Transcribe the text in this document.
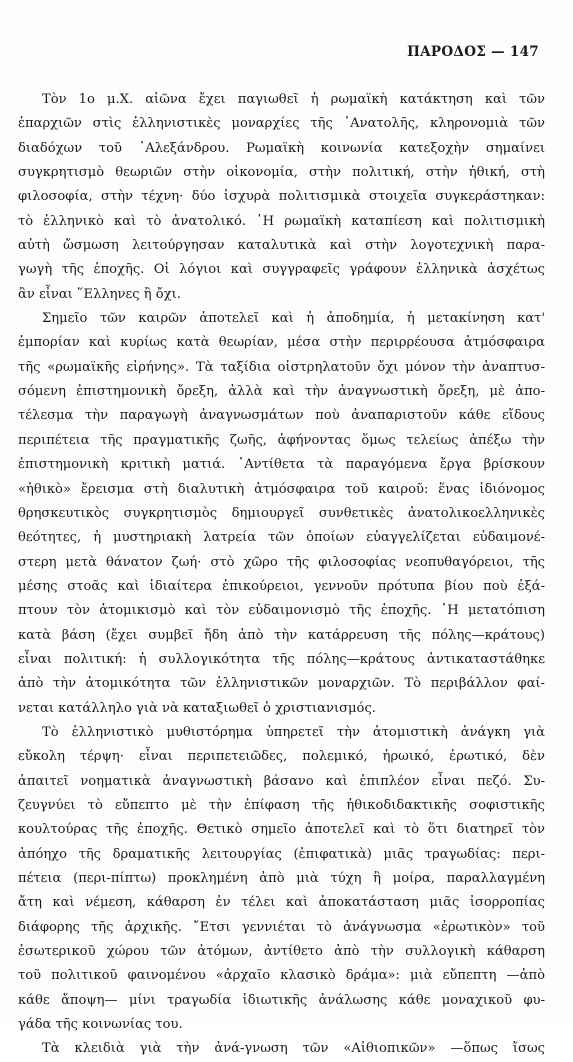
ΠΑΡΟΔΟΣ — 147
Τὸν 1ο μ.Χ. αἰῶνα ἔχει παγιωθεῖ ἡ ρωμαϊκὴ κατάκτηση καὶ τῶν
ἐπαρχιῶν στὶς ἑλληνιστικὲς μοναρχίες τῆς ᾿Ανατολῆς, κληρονομιὰ τῶν
διαδόχων τοῦ ᾿Αλεξάνδρου. Ρωμαϊκὴ κοινωνία κατεξοχὴν σημαίνει
συγκρητισμὸ θεωριῶν στὴν οἰκονομία, στὴν πολιτική, στὴν ἠθική, στὴ
φιλοσοφία, στὴν τέχνη· δύο ἰσχυρὰ πολιτισμικὰ στοιχεῖα συγκεράστηκαν:
τὸ ἑλληνικὸ καὶ τὸ ἀνατολικό. ῾Η ρωμαϊκὴ καταπίεση καὶ πολιτισμικὴ
αὐτὴ ὤσμωση λειτούργησαν καταλυτικὰ καὶ στὴν λογοτεχνικὴ παρα-
γωγὴ τῆς ἐποχῆς. Οἱ λόγιοι καὶ συγγραφεῖς γράφουν ἑλληνικὰ ἀσχέτως
ἂν εἶναι ῞Ελληνες ἢ ὄχι.
Σημεῖο τῶν καιρῶν ἀποτελεῖ καὶ ἡ ἀποδημία, ἡ μετακίνηση κατ'
ἐμπορίαν καὶ κυρίως κατὰ θεωρίαν, μέσα στὴν περιρρέουσα ἀτμόσφαιρα
τῆς «ρωμαϊκῆς εἰρήνης». Τὰ ταξίδια οἰστρηλατοῦν ὄχι μόνον τὴν ἀναπτυσ-
σόμενη ἐπιστημονικὴ ὄρεξη, ἀλλὰ καὶ τὴν ἀναγνωστικὴ ὄρεξη, μὲ ἀπο-
τέλεσμα τὴν παραγωγὴ ἀναγνωσμάτων ποὺ ἀναπαριστοῦν κάθε εἴδους
περιπέτεια τῆς πραγματικῆς ζωῆς, ἀφήνοντας ὅμως τελείως ἀπέξω τὴν
ἐπιστημονικὴ κριτικὴ ματιά. ᾿Αντίθετα τὰ παραγόμενα ἔργα βρίσκουν
«ἠθικὸ» ἔρεισμα στὴ διαλυτικὴ ἀτμόσφαιρα τοῦ καιροῦ: ἕνας ἰδιόνομος
θρησκευτικὸς συγκρητισμὸς δημιουργεῖ συνθετικὲς ἀνατολικοελληνικὲς
θεότητες, ἡ μυστηριακὴ λατρεία τῶν ὁποίων εὐαγγελίζεται εὐδαιμονέ-
στερη μετὰ θάνατον ζωή· στὸ χῶρο τῆς φιλοσοφίας νεοπυθαγόρειοι, τῆς
μέσης στοᾶς καὶ ἰδιαίτερα ἐπικούρειοι, γεννοῦν πρότυπα βίου ποὺ ἐξά-
πτουν τὸν ἀτομικισμὸ καὶ τὸν εὐδαιμονισμὸ τῆς ἐποχῆς. ῾Η μετατόπιση
κατὰ βάση (ἔχει συμβεῖ ἤδη ἀπὸ τὴν κατάρρευση τῆς πόλης—κράτους)
εἶναι πολιτική: ἡ συλλογικότητα τῆς πόλης—κράτους ἀντικαταστάθηκε
ἀπὸ τὴν ἀτομικότητα τῶν ἑλληνιστικῶν μοναρχιῶν. Τὸ περιβάλλον φαί-
νεται κατάλληλο γιὰ νὰ καταξιωθεῖ ὁ χριστιανισμός.
Τὸ ἑλληνιστικὸ μυθιστόρημα ὑπηρετεῖ τὴν ἀτομιστικὴ ἀνάγκη γιὰ
εὔκολη τέρψη· εἶναι περιπετειῶδες, πολεμικό, ἡρωικό, ἐρωτικό, δὲν
ἀπαιτεῖ νοηματικὰ ἀναγνωστικὴ βάσανο καὶ ἐπιπλέον εἶναι πεζό. Συ-
ζευγνύει τὸ εὔπεπτο μὲ τὴν ἐπίφαση τῆς ἠθικοδιδακτικῆς σοφιστικῆς
κουλτούρας τῆς ἐποχῆς. Θετικὸ σημεῖο ἀποτελεῖ καὶ τὸ ὅτι διατηρεῖ τὸν
ἀπόηχο τῆς δραματικῆς λειτουργίας (ἐπιφατικὰ) μιᾶς τραγωδίας: περι-
πέτεια (περι-πίπτω) προκλημένη ἀπὸ μιὰ τύχη ἢ μοίρα, παραλλαγμένη
ἄτη καὶ νέμεση, κάθαρση ἐν τέλει καὶ ἀποκατάσταση μιᾶς ἰσορροπίας
διάφορης τῆς ἀρχικῆς. ῎Ετσι γεννιέται τὸ ἀνάγνωσμα «ἐρωτικὸν» τοῦ
ἐσωτερικοῦ χώρου τῶν ἀτόμων, ἀντίθετο ἀπὸ τὴν συλλογικὴ κάθαρση
τοῦ πολιτικοῦ φαινομένου «ἀρχαῖο κλασικὸ δράμα»: μιὰ εὔπεπτη —ἀπὸ
κάθε ἄποψη— μίνι τραγωδία ἰδιωτικῆς ἀνάλωσης κάθε μοναχικοῦ φυ-
γάδα τῆς κοινωνίας του.
Τὰ κλειδιὰ γιὰ τὴν ἀνά-γνωση τῶν «Αἰθιοπικῶν» —ὅπως ἴσως
